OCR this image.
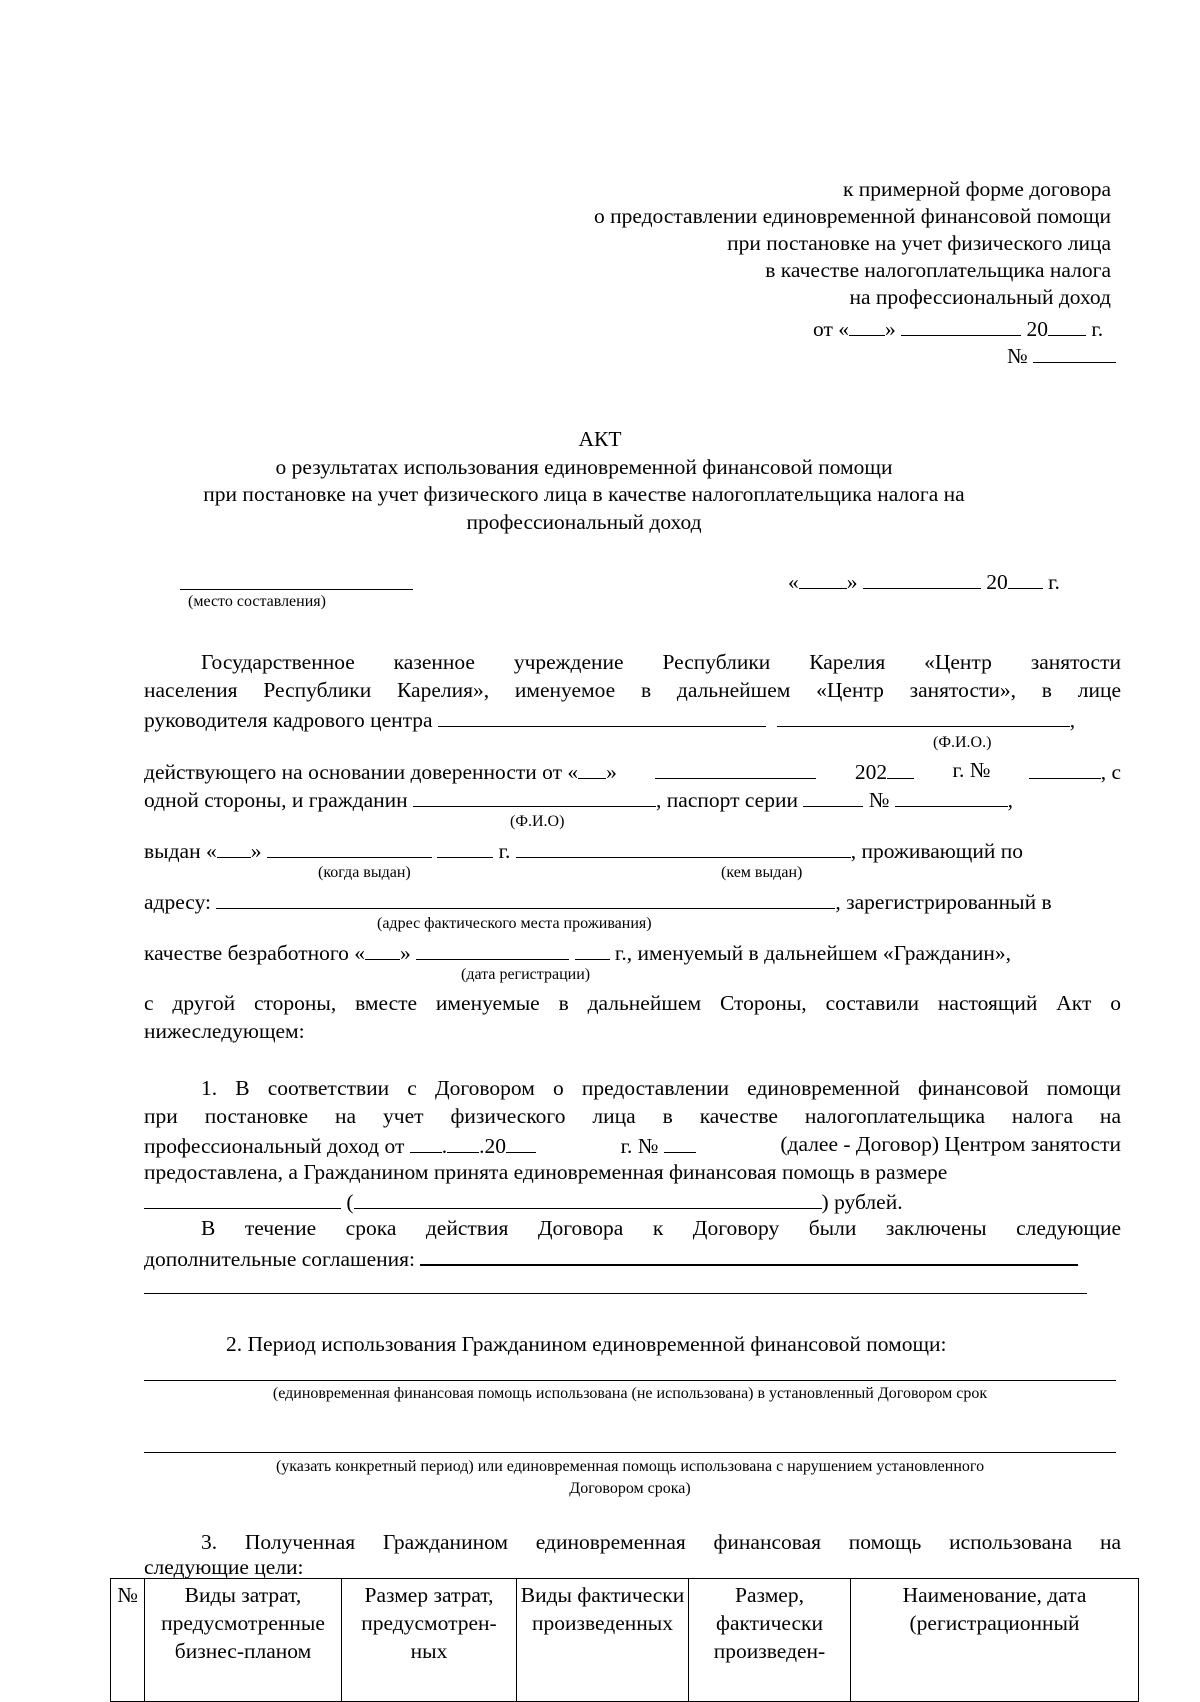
к примерной форме договора
о предоставлении единовременной финансовой помощи
при постановке на учет физического лица
в качестве налогоплательщика налога
на профессиональный доход
от « »	20 г.
№
АКТ
о результатах использования единовременной финансовой помощи
при постановке на учет физического лица в качестве налогоплательщика налога на
профессиональный доход
(место составления)
« »	20 г.
Государственное казенное учреждение Республики Карелия «Центр занятости
населения Республики Карелия», именуемое в дальнейшем «Центр занятости», в лице
руководителя кадрового центра	,
(Ф.И.О.)
действующего на основании доверенности от « »	202	г. №	, с
одной стороны, и гражданин	, паспорт серии	№	,
(Ф.И.О)
выдан « »	г.	, проживающий по
(когда выдан)	(кем выдан)
адресу:	, зарегистрированный в
(адрес фактического места проживания)
качестве безработного « »	г., именуемый в дальнейшем «Гражданин»,
(дата регистрации)
с другой стороны, вместе именуемые в дальнейшем Стороны, составили настоящий Акт о
нижеследующем:
1. В соответствии с Договором о предоставлении единовременной финансовой помощи
при постановке на учет физического лица в качестве налогоплательщика налога на
профессиональный доход от . .20	г. №	(далее - Договор) Центром занятости
предоставлена, а Гражданином принята единовременная финансовая помощь в размере
(	) рублей.
В течение срока действия Договора к Договору были заключены следующие
дополнительные соглашения:
2. Период использования Гражданином единовременной финансовой помощи:
(единовременная финансовая помощь использована (не использована) в установленный Договором срок
(указать конкретный период) или единовременная помощь использована с нарушением установленного
Договором срока)
3. Полученная Гражданином единовременная финансовая помощь использована на
следующие цели:
№	Виды затрат, предусмотренные бизнес-планом	Размер затрат, предусмотрен-ных	Виды фактически произведенных	Размер, фактически произведен-	Наименование, дата (регистрационный
